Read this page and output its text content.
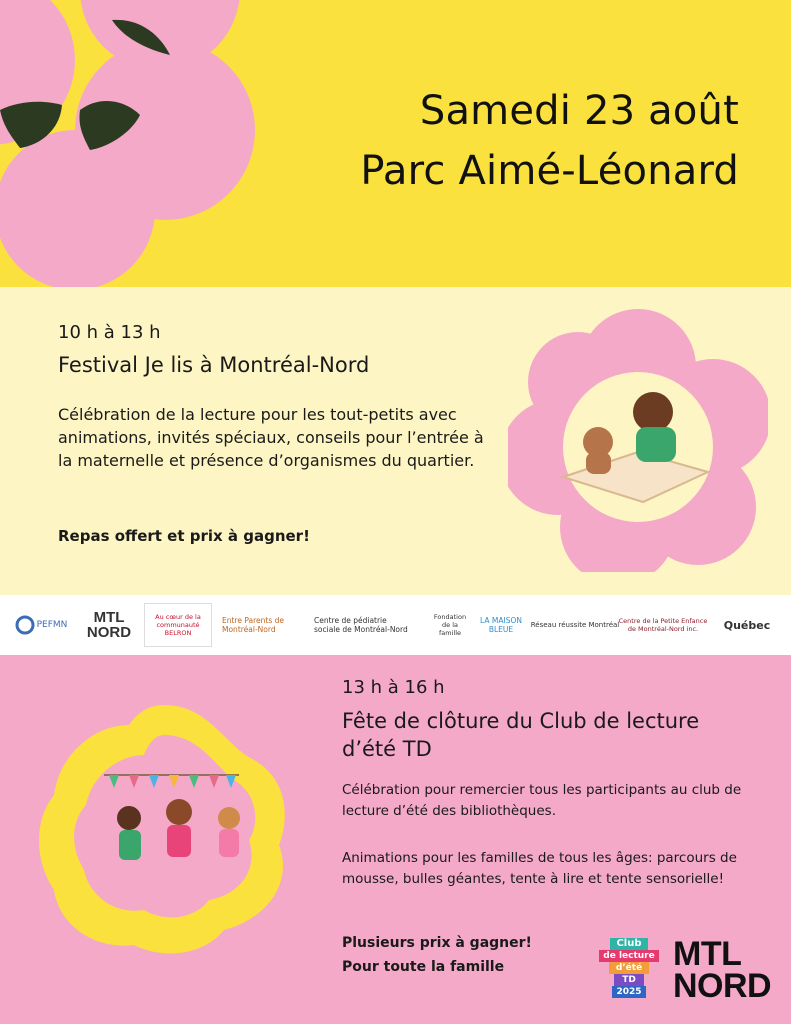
Samedi 23 août
Parc Aimé-Léonard
10 h à 13 h
Festival Je lis à Montréal-Nord
Célébration de la lecture pour les tout-petits avec animations, invités spéciaux, conseils pour l’entrée à la maternelle et présence d’organismes du quartier.
Repas offert et prix à gagner!
PEFMN MTL
NORD
Au cœur de la communauté BELRON
Entre Parents de Montréal-Nord
Centre de pédiatrie sociale de Montréal-Nord
Fondation de la famille
LA MAISON BLEUE	Réseau réussite Montréal Centre de la Petite Enfance de Montréal-Nord inc.	Québec
13 h à 16 h
Fête de clôture du Club de lecture d’été TD
Célébration pour remercier tous les participants au club de lecture d’été des bibliothèques.
Animations pour les familles de tous les âges: parcours de mousse, bulles géantes, tente à lire et tente sensorielle!
Plusieurs prix à gagner!
Pour toute la famille
Club
de lecture
d’été
TD
2025
MTL
NORD
